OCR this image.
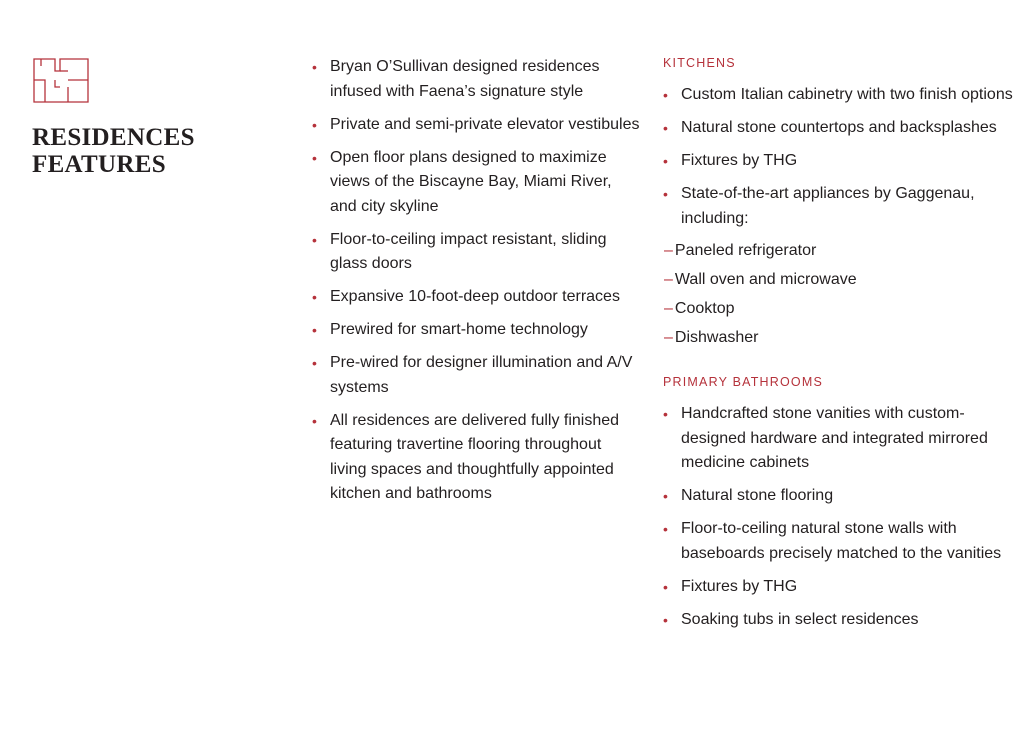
RESIDENCES
FEATURES
• Bryan O’Sullivan designed residences infused with Faena’s signature style
• Private and semi-private elevator vestibules
• Open floor plans designed to maximize views of the Biscayne Bay, Miami River, and city skyline
• Floor-to-ceiling impact resistant, sliding glass doors
• Expansive 10-foot-deep outdoor terraces
• Prewired for smart-home technology
• Pre-wired for designer illumination and A/V systems
• All residences are delivered fully finished featuring travertine flooring throughout living spaces and thoughtfully appointed kitchen and bathrooms
KITCHENS
• Custom Italian cabinetry with two finish options
• Natural stone countertops and backsplashes
• Fixtures by THG
• State-of-the-art appliances by Gaggenau, including:
– Paneled refrigerator
– Wall oven and microwave
– Cooktop
– Dishwasher
PRIMARY BATHROOMS
• Handcrafted stone vanities with custom-designed hardware and integrated mirrored medicine cabinets
• Natural stone flooring
• Floor-to-ceiling natural stone walls with baseboards precisely matched to the vanities
• Fixtures by THG
• Soaking tubs in select residences
